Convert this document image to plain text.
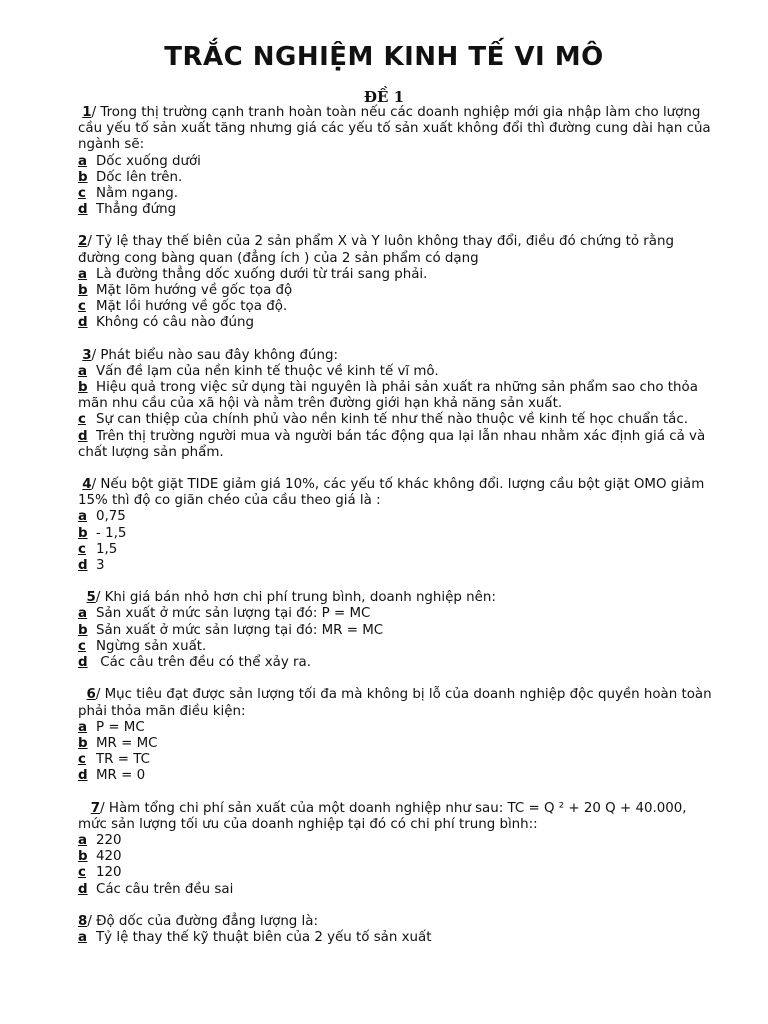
TRẮC NGHIỆM KINH TẾ VI MÔ
ĐỀ 1

1/ Trong thị trường cạnh tranh hoàn toàn nếu các doanh nghiệp mới gia nhập làm cho lượng cầu yếu tố sản xuất tăng nhưng giá các yếu tố sản xuất không đổi thì đường cung dài hạn của ngành sẽ:

a Dốc xuống dưới
b Dốc lên trên.
c Nằm ngang.
d Thẳng đứng

2/ Tỷ lệ thay thế biên của 2 sản phẩm X và Y luôn không thay đổi, điều đó chứng tỏ rằng đường cong bàng quan (đẳng ích ) của 2 sản phẩm có dạng

a Là đường thẳng dốc xuống dưới từ trái sang phải.
b Mặt lõm hướng về gốc tọa độ
c Mặt lồi hướng về gốc tọa độ.
d Không có câu nào đúng

3/ Phát biểu nào sau đây không đúng:

a Vấn đề lạm của nền kinh tế thuộc về kinh tế vĩ mô.
b Hiệu quả trong việc sử dụng tài nguyên là phải sản xuất ra những sản phẩm sao cho thỏa mãn nhu cầu của xã hội và nằm trên đường giới hạn khả năng sản xuất.
c Sự can thiệp của chính phủ vào nền kinh tế như thế nào thuộc về kinh tế học chuẩn tắc.
d Trên thị trường người mua và người bán tác động qua lại lẫn nhau nhằm xác định giá cả và chất lượng sản phẩm.

4/ Nếu bột giặt TIDE giảm giá 10%, các yếu tố khác không đổi. lượng cầu bột giặt OMO giảm 15% thì độ co giãn chéo của cầu theo giá là :

a 0,75
b - 1,5
c 1,5
d 3

5/ Khi giá bán nhỏ hơn chi phí trung bình, doanh nghiệp nên:

a Sản xuất ở mức sản lượng tại đó: P = MC
b Sản xuất ở mức sản lượng tại đó: MR = MC
c Ngừng sản xuất.
d Các câu trên đều có thể xảy ra.

6/ Mục tiêu đạt được sản lượng tối đa mà không bị lỗ của doanh nghiệp độc quyền hoàn toàn phải thỏa mãn điều kiện:

a P = MC
b MR = MC
c TR = TC
d MR = 0

7/ Hàm tổng chi phí sản xuất của một doanh nghiệp như sau: TC = Q ² + 20 Q + 40.000, mức sản lượng tối ưu của doanh nghiệp tại đó có chi phí trung bình::

a 220
b 420
c 120
d Các câu trên đều sai

8/ Độ dốc của đường đẳng lượng là:

a Tỷ lệ thay thế kỹ thuật biên của 2 yếu tố sản xuất
